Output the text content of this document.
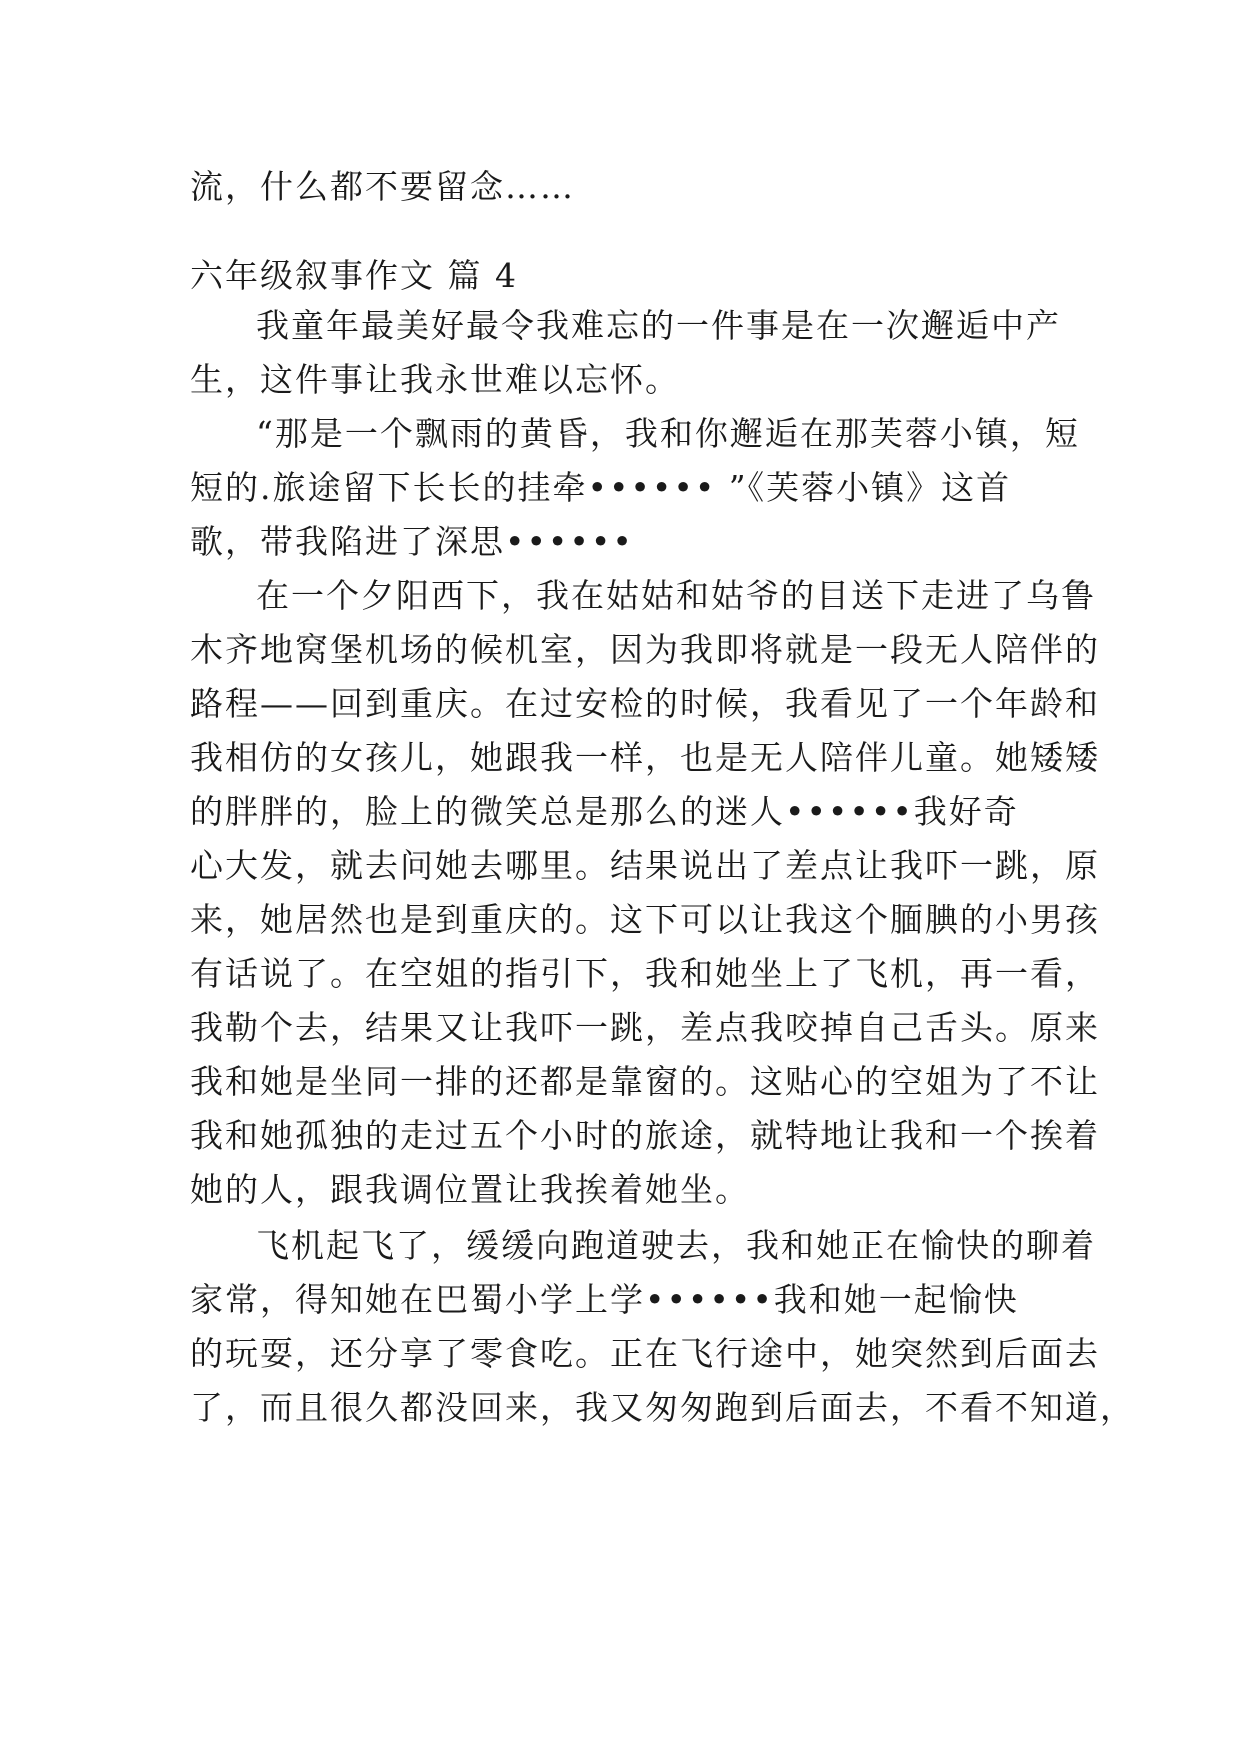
流，什么都不要留念……
六年级叙事作文 篇 4
我童年最美好最令我难忘的一件事是在一次邂逅中产
生，这件事让我永世难以忘怀。
“那是一个飘雨的黄昏，我和你邂逅在那芙蓉小镇，短
短的.旅途留下长长的挂牵•••••• ”《芙蓉小镇》这首
歌，带我陷进了深思••••••
在一个夕阳西下，我在姑姑和姑爷的目送下走进了乌鲁
木齐地窝堡机场的候机室，因为我即将就是一段无人陪伴的
路程——回到重庆。在过安检的时候，我看见了一个年龄和
我相仿的女孩儿，她跟我一样，也是无人陪伴儿童。她矮矮
的胖胖的，脸上的微笑总是那么的迷人••••••我好奇
心大发，就去问她去哪里。结果说出了差点让我吓一跳，原
来，她居然也是到重庆的。这下可以让我这个腼腆的小男孩
有话说了。在空姐的指引下，我和她坐上了飞机，再一看，
我勒个去，结果又让我吓一跳，差点我咬掉自己舌头。原来
我和她是坐同一排的还都是靠窗的。这贴心的空姐为了不让
我和她孤独的走过五个小时的旅途，就特地让我和一个挨着
她的人，跟我调位置让我挨着她坐。
飞机起飞了，缓缓向跑道驶去，我和她正在愉快的聊着
家常，得知她在巴蜀小学上学••••••我和她一起愉快
的玩耍，还分享了零食吃。正在飞行途中，她突然到后面去
了，而且很久都没回来，我又匆匆跑到后面去，不看不知道，
